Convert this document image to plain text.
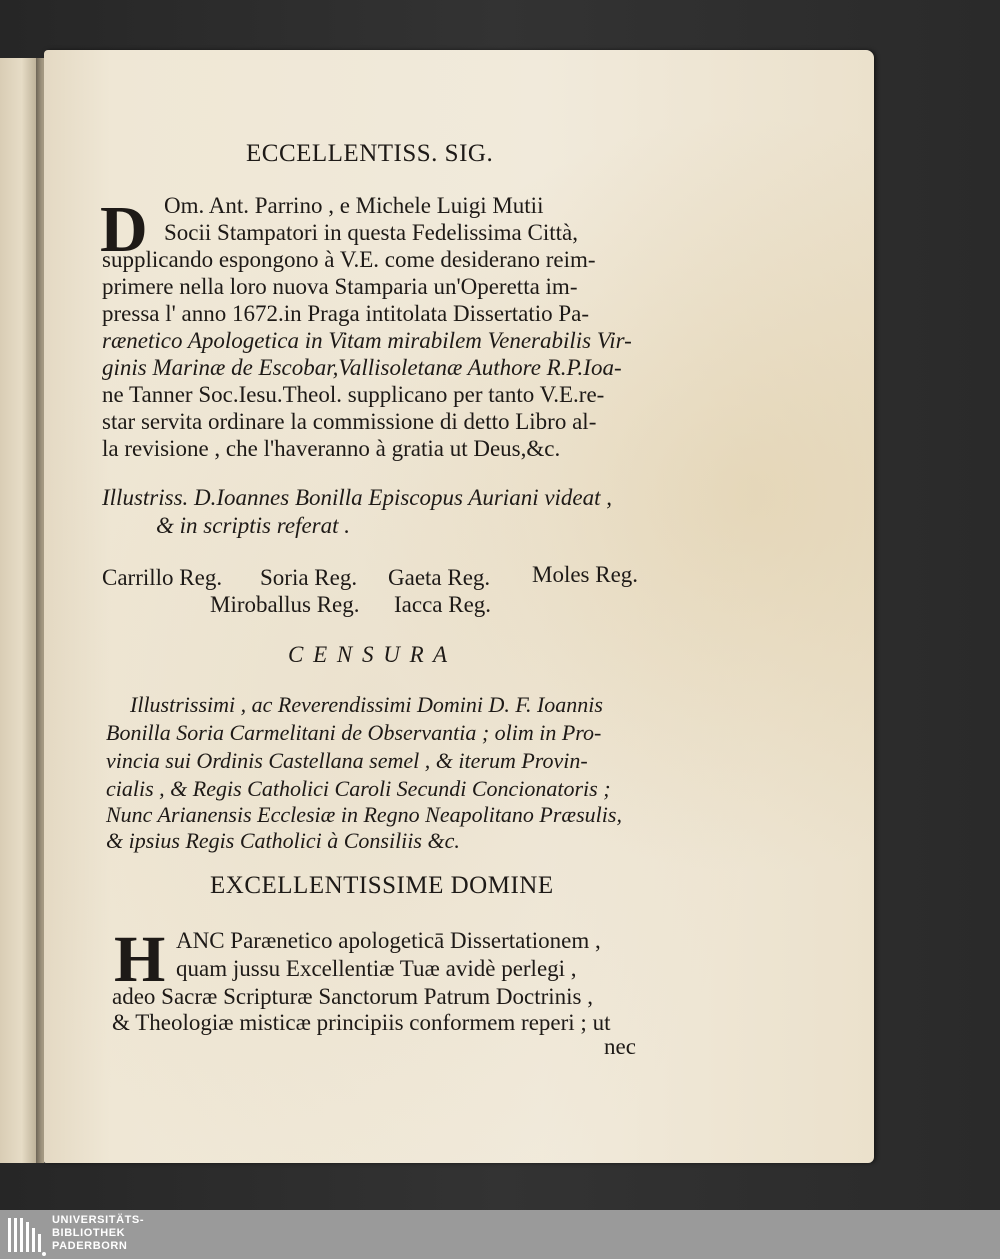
ECCELLENTISS. SIG.
D Om. Ant. Parrino , e Michele Luigi Mutii
Socii Stampatori in questa Fedelissima Città,
supplicando espongono à V.E. come desiderano reim-
primere nella loro nuova Stamparia un'Operetta im-
pressa l' anno 1672.in Praga intitolata Dissertatio Pa-
rænetico Apologetica in Vitam mirabilem Venerabilis Vir-
ginis Marinæ de Escobar,Vallisoletanæ Authore R.P.Ioa-
ne Tanner Soc.Iesu.Theol. supplicano per tanto V.E.re-
star servita ordinare la commissione di detto Libro al-
la revisione , che l'haveranno à gratia ut Deus,&c.
Illustriss. D.Ioannes Bonilla Episcopus Auriani videat ,
& in scriptis referat .
Carrillo Reg. Soria Reg. Gaeta Reg. Moles Reg.
Miroballus Reg. Iacca Reg.
C E N S U R A
Illustrissimi , ac Reverendissimi Domini D. F. Ioannis
Bonilla Soria Carmelitani de Observantia ; olim in Pro-
vincia sui Ordinis Castellana semel , & iterum Provin-
cialis , & Regis Catholici Caroli Secundi Concionatoris ;
Nunc Arianensis Ecclesiæ in Regno Neapolitano Præsulis,
& ipsius Regis Catholici à Consiliis &c.
EXCELLENTISSIME DOMINE
H ANC Parænetico apologeticā Dissertationem ,
quam jussu Excellentiæ Tuæ avidè perlegi ,
adeo Sacræ Scripturæ Sanctorum Patrum Doctrinis ,
& Theologiæ misticæ principiis conformem reperi ; ut
nec
UNIVERSITÄTS-
BIBLIOTHEK
PADERBORN
